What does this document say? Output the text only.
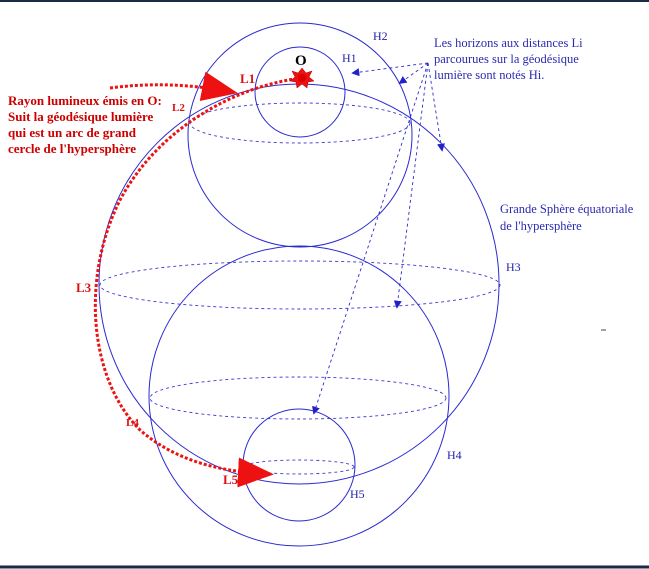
O
L1
L2
L3
L4
L5
H2
H1
H3
H4
H5
Rayon lumineux émis en O:
Suit la géodésique lumière
qui est un arc de grand
cercle de l'hypersphère
Les horizons aux distances Li
parcourues sur la géodésique
lumière sont notés Hi.
Grande Sphère équatoriale
de l'hypersphère
